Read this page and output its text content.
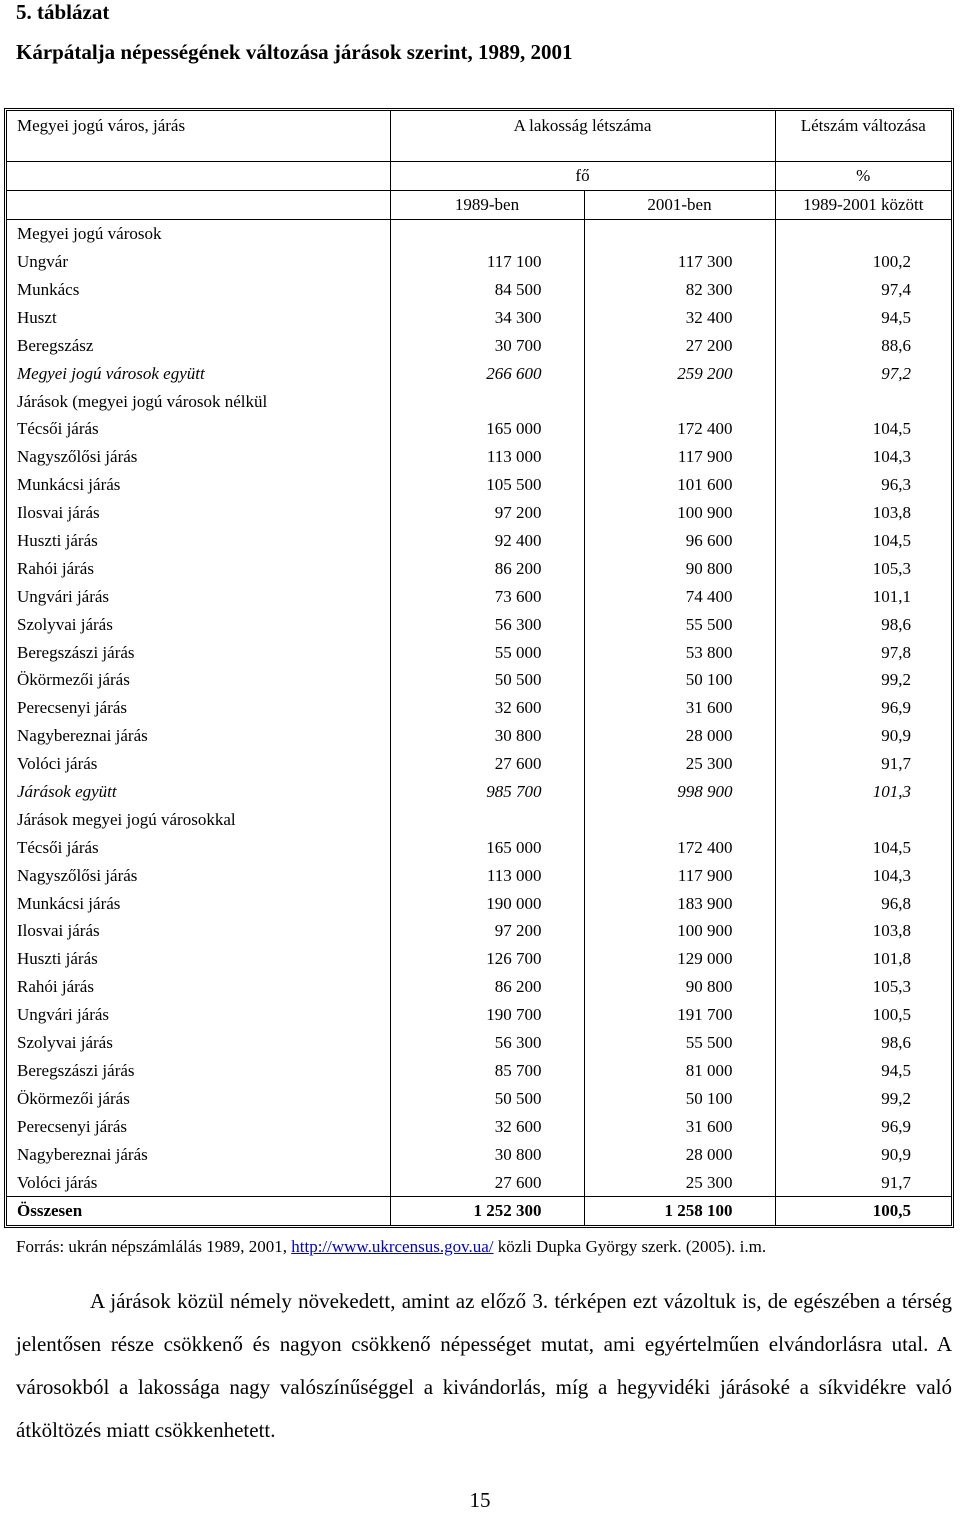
5. táblázat
Kárpátalja népességének változása járások szerint, 1989, 2001
Megyei jogú város, járás	A lakosság létszáma		Létszám változása
	fő		%
	1989-ben	2001-ben	1989-2001 között
Megyei jogú városok			
Ungvár	117 100	117 300	100,2
Munkács	84 500	82 300	97,4
Huszt	34 300	32 400	94,5
Beregszász	30 700	27 200	88,6
Megyei jogú városok együtt	266 600	259 200	97,2
Járások (megyei jogú városok nélkül			
Técsői járás	165 000	172 400	104,5
Nagyszőlősi járás	113 000	117 900	104,3
Munkácsi járás	105 500	101 600	96,3
Ilosvai járás	97 200	100 900	103,8
Huszti járás	92 400	96 600	104,5
Rahói járás	86 200	90 800	105,3
Ungvári járás	73 600	74 400	101,1
Szolyvai járás	56 300	55 500	98,6
Beregszászi járás	55 000	53 800	97,8
Ökörmezői járás	50 500	50 100	99,2
Perecsenyi járás	32 600	31 600	96,9
Nagybereznai járás	30 800	28 000	90,9
Volóci járás	27 600	25 300	91,7
Járások együtt	985 700	998 900	101,3
Járások megyei jogú városokkal			
Técsői járás	165 000	172 400	104,5
Nagyszőlősi járás	113 000	117 900	104,3
Munkácsi járás	190 000	183 900	96,8
Ilosvai járás	97 200	100 900	103,8
Huszti járás	126 700	129 000	101,8
Rahói járás	86 200	90 800	105,3
Ungvári járás	190 700	191 700	100,5
Szolyvai járás	56 300	55 500	98,6
Beregszászi járás	85 700	81 000	94,5
Ökörmezői járás	50 500	50 100	99,2
Perecsenyi járás	32 600	31 600	96,9
Nagybereznai járás	30 800	28 000	90,9
Volóci járás	27 600	25 300	91,7
Összesen	1 252 300	1 258 100	100,5
Forrás: ukrán népszámlálás 1989, 2001, http://www.ukrcensus.gov.ua/ közli Dupka György szerk. (2005). i.m.

A járások közül némely növekedett, amint az előző 3. térképen ezt vázoltuk is, de egészében a térség jelentősen része csökkenő és nagyon csökkenő népességet mutat, ami egyértelműen elvándorlásra utal. A városokból a lakossága nagy valószínűséggel a kivándorlás, míg a hegyvidéki járásoké a síkvidékre való átköltözés miatt csökkenhetett.

15
